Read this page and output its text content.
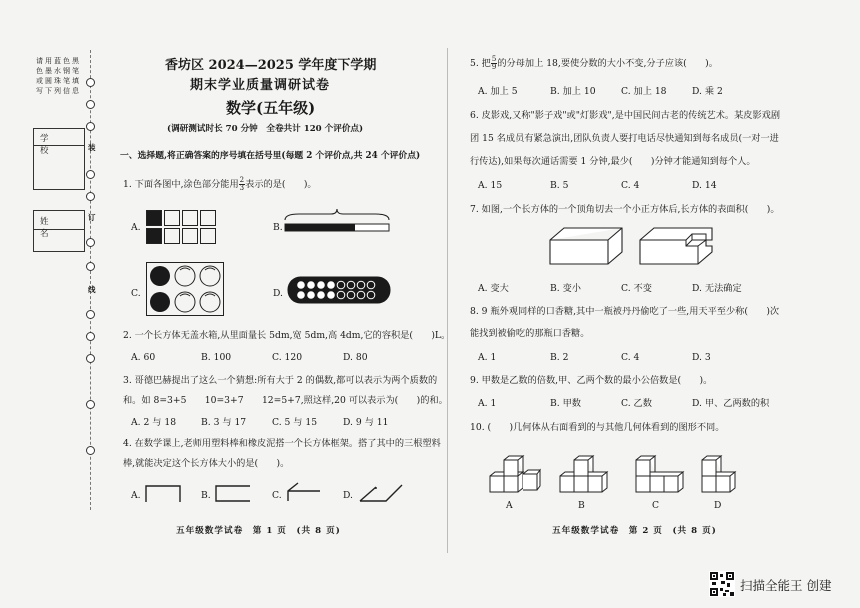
请用蓝色黑色墨水钢笔或圆珠笔填写下列信息
学校
姓名
装
订
线
香坊区 2024—2025 学年度下学期
期末学业质量调研试卷
数学(五年级)
(调研测试时长 70 分钟　全卷共计 120 个评价点)
一、选择题,将正确答案的序号填在括号里(每题 2 个评价点,共 24 个评价点)
1. 下面各图中,涂色部分能用 $\frac{2}{3}$ 表示的是(　　)。
A.	B.
C.	D.
2. 一个长方体无盖水箱,从里面量长 5dm,宽 5dm,高 4dm,它的容积是(　　)L。
A. 60	B. 100	C. 120	D. 80
3. 哥德巴赫提出了这么一个猜想:所有大于 2 的偶数,都可以表示为两个质数的
和。如 8=3+5　　10=3+7　　12=5+7,照这样,20 可以表示为(　　)的和。
A. 2 与 18	B. 3 与 17	C. 5 与 15	D. 9 与 11
4. 在数学课上,老师用塑料棒和橡皮泥搭一个长方体框架。搭了其中的三根塑料
棒,就能决定这个长方体大小的是(　　)。
A.	B.	C.	D.
五年级数学试卷　第 1 页　(共 8 页)
5. 把 $\frac{5}{9}$ 的分母加上 18,要使分数的大小不变,分子应该(　　)。
A. 加上 5	B. 加上 10	C. 加上 18	D. 乘 2
6. 皮影戏,又称"影子戏"或"灯影戏",是中国民间古老的传统艺术。某皮影戏剧
团 15 名成员有紧急演出,团队负责人要打电话尽快通知到每名成员(一对一进
行传达),如果每次通话需要 1 分钟,最少(　　)分钟才能通知到每个人。
A. 15	B. 5	C. 4	D. 14
7. 如图,一个长方体的一个顶角切去一个小正方体后,长方体的表面积(　　)。
A. 变大	B. 变小	C. 不变	D. 无法确定
8. 9 瓶外观同样的口香糖,其中一瓶被丹丹偷吃了一些,用天平至少称(　　)次
能找到被偷吃的那瓶口香糖。
A. 1	B. 2	C. 4	D. 3
9. 甲数是乙数的倍数,甲、乙两个数的最小公倍数是(　　)。
A. 1	B. 甲数	C. 乙数	D. 甲、乙两数的积
10. (　　)几何体从右面看到的与其他几何体看到的图形不同。
A	B	C	D
五年级数学试卷　第 2 页　(共 8 页)
扫描全能王 创建
